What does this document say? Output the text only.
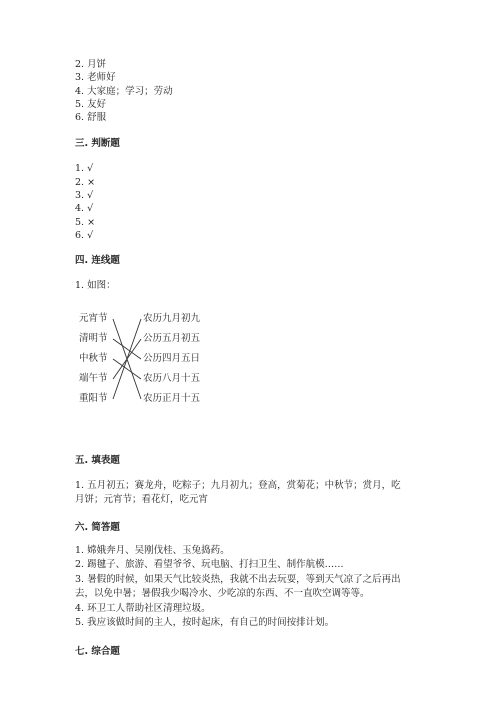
2. 月饼
3. 老师好
4. 大家庭；学习；劳动
5. 友好
6. 舒服
三. 判断题
1. √
2. ×
3. √
4. √
5. ×
6. √
四. 连线题
1. 如图：
元宵节
清明节
中秋节
端午节
重阳节
农历九月初九
公历五月初五
公历四月五日
农历八月十五
农历正月十五
五. 填表题
1. 五月初五；赛龙舟，吃粽子；九月初九；登高，赏菊花；中秋节；赏月，吃
月饼；元宵节；看花灯，吃元宵
六. 简答题
1. 嫦娥奔月、吴刚伐桂、玉兔捣药。
2. 踢毽子、旅游、看望爷爷、玩电脑、打扫卫生、制作航模……
3. 暑假的时候，如果天气比较炎热，我就不出去玩耍，等到天气凉了之后再出
去，以免中暑；暑假我少喝冷水、少吃凉的东西、不一直吹空调等等。
4. 环卫工人帮助社区清理垃圾。
5. 我应该做时间的主人，按时起床，有自己的时间按排计划。
七. 综合题
